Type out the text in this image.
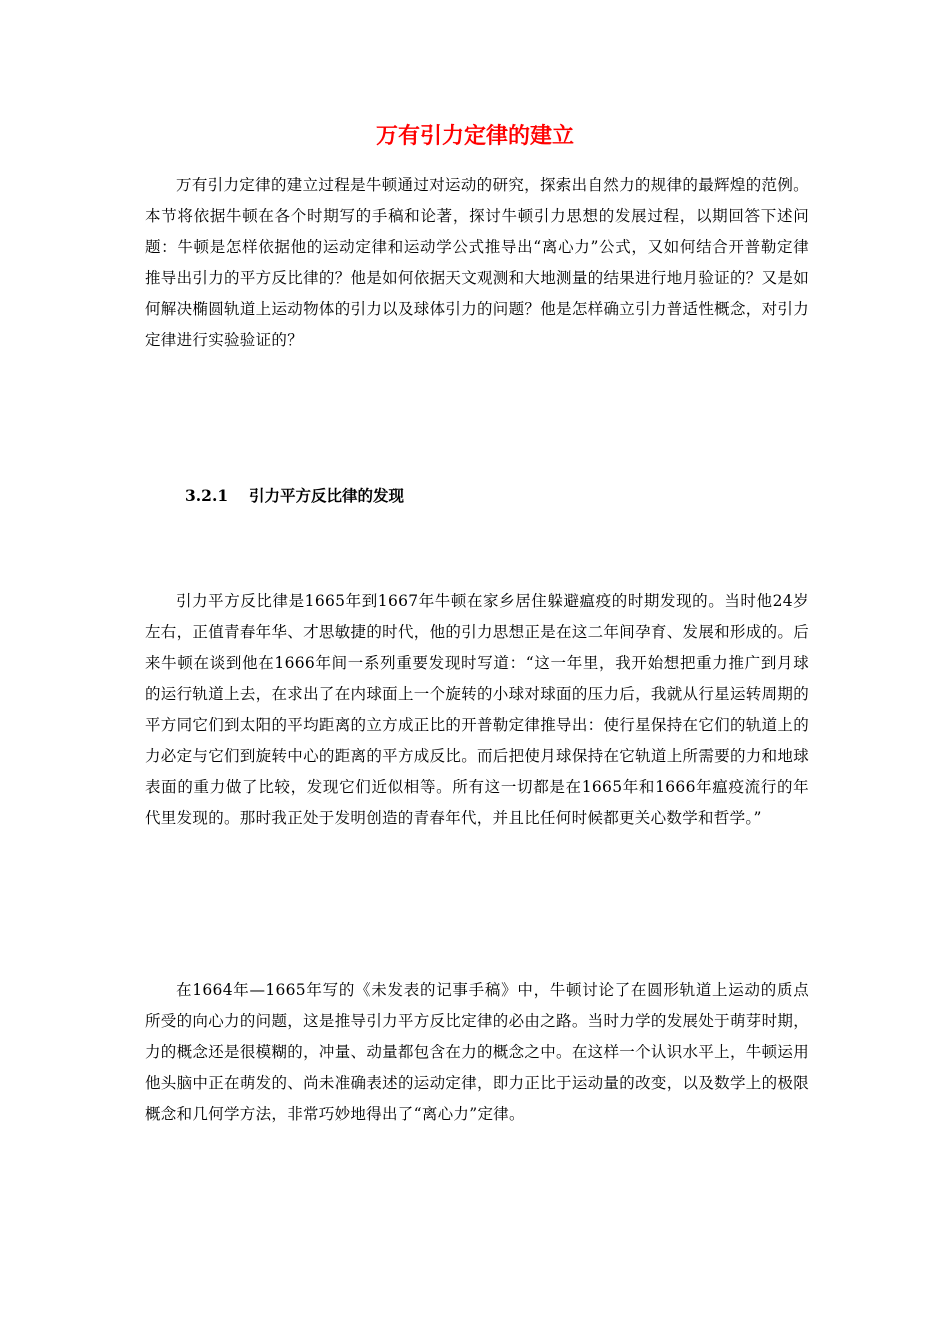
万有引力定律的建立

万有引力定律的建立过程是牛顿通过对运动的研究，探索出自然力的规律的最辉煌的范例。本节将依据牛顿在各个时期写的手稿和论著，探讨牛顿引力思想的发展过程，以期回答下述问题：牛顿是怎样依据他的运动定律和运动学公式推导出“离心力”公式，又如何结合开普勒定律推导出引力的平方反比律的？他是如何依据天文观测和大地测量的结果进行地月验证的？又是如何解决椭圆轨道上运动物体的引力以及球体引力的问题？他是怎样确立引力普适性概念，对引力定律进行实验验证的？

3.2.1 引力平方反比律的发现

引力平方反比律是1665年到1667年牛顿在家乡居住躲避瘟疫的时期发现的。当时他24岁左右，正值青春年华、才思敏捷的时代，他的引力思想正是在这二年间孕育、发展和形成的。后来牛顿在谈到他在1666年间一系列重要发现时写道：“这一年里，我开始想把重力推广到月球的运行轨道上去，在求出了在内球面上一个旋转的小球对球面的压力后，我就从行星运转周期的平方同它们到太阳的平均距离的立方成正比的开普勒定律推导出：使行星保持在它们的轨道上的力必定与它们到旋转中心的距离的平方成反比。而后把使月球保持在它轨道上所需要的力和地球表面的重力做了比较，发现它们近似相等。所有这一切都是在1665年和1666年瘟疫流行的年代里发现的。那时我正处于发明创造的青春年代，并且比任何时候都更关心数学和哲学。”

在1664年—1665年写的《未发表的记事手稿》中，牛顿讨论了在圆形轨道上运动的质点所受的向心力的问题，这是推导引力平方反比定律的必由之路。当时力学的发展处于萌芽时期，力的概念还是很模糊的，冲量、动量都包含在力的概念之中。在这样一个认识水平上，牛顿运用他头脑中正在萌发的、尚未准确表述的运动定律，即力正比于运动量的改变，以及数学上的极限概念和几何学方法，非常巧妙地得出了“离心力”定律。
